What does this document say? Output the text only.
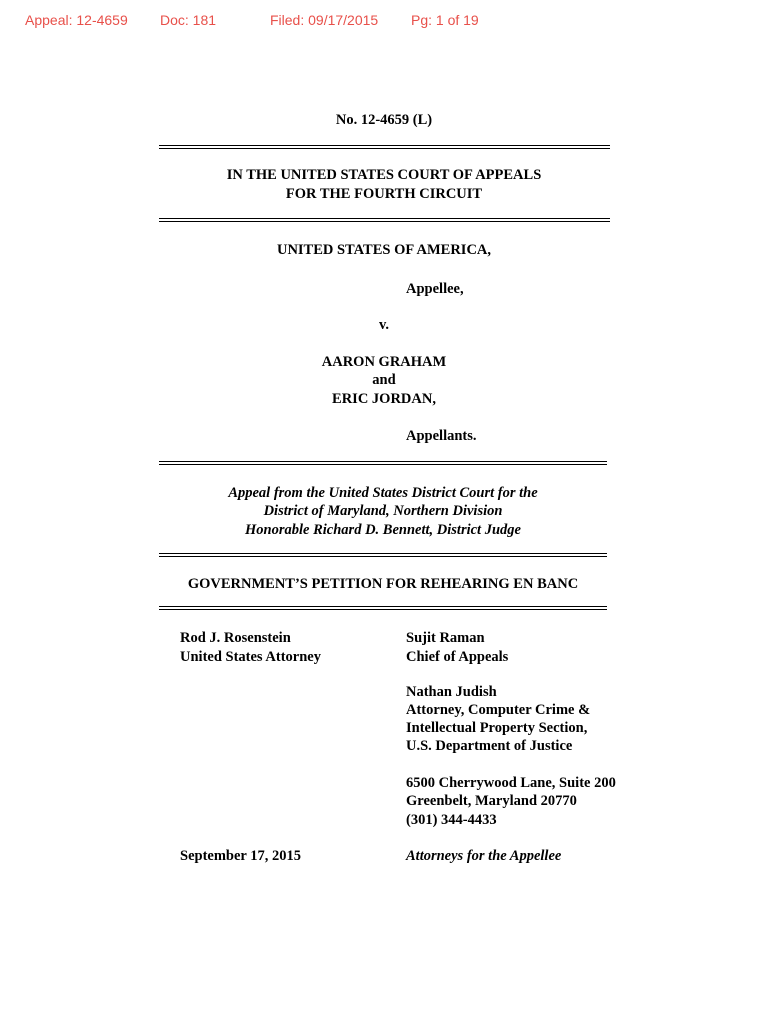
Appeal: 12-4659 Doc: 181	Filed: 09/17/2015 Pg: 1 of 19
No. 12-4659 (L)
IN THE UNITED STATES COURT OF APPEALS
FOR THE FOURTH CIRCUIT
UNITED STATES OF AMERICA,
Appellee,
v.
AARON GRAHAM
and
ERIC JORDAN,
Appellants.
Appeal from the United States District Court for the
District of Maryland, Northern Division
Honorable Richard D. Bennett, District Judge
GOVERNMENT’S PETITION FOR REHEARING EN BANC
Rod J. Rosenstein
United States Attorney
Sujit Raman
Chief of Appeals
Nathan Judish
Attorney, Computer Crime &
Intellectual Property Section,
U.S. Department of Justice
6500 Cherrywood Lane, Suite 200
Greenbelt, Maryland 20770
(301) 344-4433
September 17, 2015	Attorneys for the Appellee
